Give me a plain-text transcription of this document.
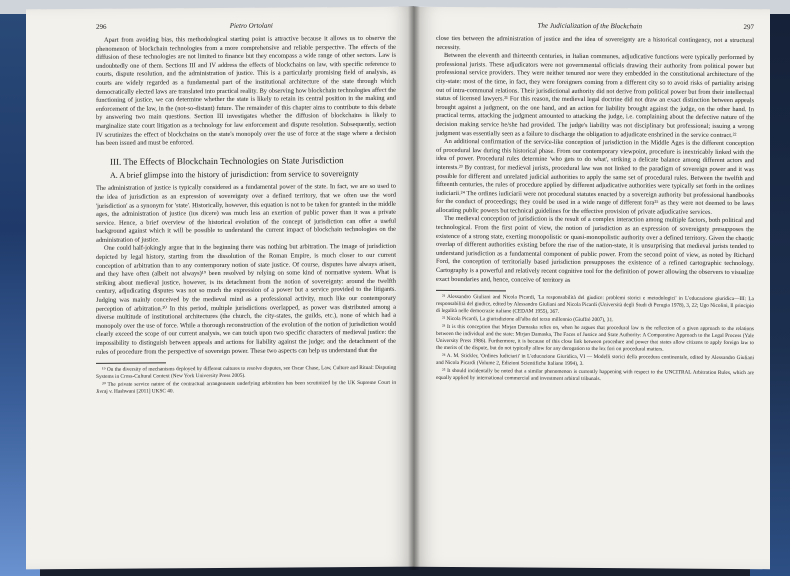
296	Pietro Ortolani

Apart from avoiding bias, this methodological starting point is attractive because it allows us to observe the phenomenon of blockchain technologies from a more comprehensive and reliable perspective. The effects of the diffusion of these technologies are not limited to finance but they encompass a wide range of other sectors. Law is undoubtedly one of them. Sections III and IV address the effects of blockchains on law, with specific reference to courts, dispute resolution, and the administration of justice. This is a particularly promising field of analysis, as courts are widely regarded as a fundamental part of the institutional architecture of the state through which democratically elected laws are translated into practical reality. By observing how blockchain technologies affect the functioning of justice, we can determine whether the state is likely to retain its central position in the making and enforcement of the law, in the (not-so-distant) future. The remainder of this chapter aims to contribute to this debate by answering two main questions. Section III investigates whether the diffusion of blockchains is likely to marginalize state court litigation as a technology for law enforcement and dispute resolution. Subsequently, section IV scrutinizes the effect of blockchains on the state's monopoly over the use of force at the stage where a decision has been issued and must be enforced.

III. The Effects of Blockchain Technologies on State Jurisdiction
A. A brief glimpse into the history of jurisdiction: from service to sovereignty

The administration of justice is typically considered as a fundamental power of the state. In fact, we are so used to the idea of jurisdiction as an expression of sovereignty over a defined territory, that we often use the word 'jurisdiction' as a synonym for 'state'. Historically, however, this equation is not to be taken for granted: in the middle ages, the administration of justice (ius dicere) was much less an exertion of public power than it was a private service. Hence, a brief overview of the historical evolution of the concept of jurisdiction can offer a useful background against which it will be possible to understand the current impact of blockchain technologies on the administration of justice.

One could half-jokingly argue that in the beginning there was nothing but arbitration. The image of jurisdiction depicted by legal history, starting from the dissolution of the Roman Empire, is much closer to our current conception of arbitration than to any contemporary notion of state justice. Of course, disputes have always arisen, and they have often (albeit not always)¹⁹ been resolved by relying on some kind of normative system. What is striking about medieval justice, however, is its detachment from the notion of sovereignty: around the twelfth century, adjudicating disputes was not so much the expression of a power but a service provided to the litigants. Judging was mainly conceived by the medieval mind as a professional activity, much like our contemporary perception of arbitration.²⁰ In this period, multiple jurisdictions overlapped, as power was distributed among a diverse multitude of institutional architectures (the church, the city-states, the guilds, etc.), none of which had a monopoly over the use of force. While a thorough reconstruction of the evolution of the notion of jurisdiction would clearly exceed the scope of our current analysis, we can touch upon two specific characters of medieval justice: the impossibility to distinguish between appeals and actions for liability against the judge; and the detachment of the rules of procedure from the perspective of sovereign power. These two aspects can help us understand that the

¹⁹ On the diversity of mechanisms deployed by different cultures to resolve disputes, see Oscar Chase, Law, Culture and Ritual: Disputing Systems in Cross-Cultural Context (New York University Press 2005).

²⁰ The private service nature of the contractual arrangements underlying arbitration has been scrutinized by the UK Supreme Court in Jivraj v. Hashwani [2011] UKSC 40.

The Judicialization of the Blockchain	297

close ties between the administration of justice and the idea of sovereignty are a historical contingency, not a structural necessity.

Between the eleventh and thirteenth centuries, in Italian communes, adjudicative functions were typically performed by professional jurists. These adjudicators were not governmental officials drawing their authority from political power but professional service providers. They were neither tenured nor were they embedded in the constitutional architecture of the city-state: most of the time, in fact, they were foreigners coming from a different city so to avoid risks of partiality arising out of intra-communal relations. Their jurisdictional authority did not derive from political power but from their intellectual status of licensed lawyers.²¹ For this reason, the medieval legal doctrine did not draw an exact distinction between appeals brought against a judgment, on the one hand, and an action for liability brought against the judge, on the other hand. In practical terms, attacking the judgment amounted to attacking the judge, i.e. complaining about the defective nature of the decision making service he/she had provided. The judge's liability was not disciplinary but professional; issuing a wrong judgment was essentially seen as a failure to discharge the obligation to adjudicate enshrined in the service contract.²²

An additional confirmation of the service-like conception of jurisdiction in the Middle Ages is the different conception of procedural law during this historical phase. From our contemporary viewpoint, procedure is inextricably linked with the idea of power. Procedural rules determine 'who gets to do what', striking a delicate balance among different actors and interests.²³ By contrast, for medieval jurists, procedural law was not linked to the paradigm of sovereign power and it was possible for different and unrelated judicial authorities to apply the same set of procedural rules. Between the twelfth and fifteenth centuries, the rules of procedure applied by different adjudicative authorities were typically set forth in the ordines iudiciarii.²⁴ The ordines iudiciarii were not procedural statutes enacted by a sovereign authority but professional handbooks for the conduct of proceedings; they could be used in a wide range of different fora²⁵ as they were not deemed to be laws allocating public powers but technical guidelines for the effective provision of private adjudicative services.

The medieval conception of jurisdiction is the result of a complex interaction among multiple factors, both political and technological. From the first point of view, the notion of jurisdiction as an expression of sovereignty presupposes the existence of a strong state, exerting monopolistic or quasi-monopolistic authority over a defined territory. Given the chaotic overlap of different authorities existing before the rise of the nation-state, it is unsurprising that medieval jurists tended to understand jurisdiction as a fundamental component of public power. From the second point of view, as noted by Richard Ford, the conception of territorially based jurisdiction presupposes the existence of a refined cartographic technology. Cartography is a powerful and relatively recent cognitive tool for the definition of power allowing the observers to visualize exact boundaries and, hence, conceive of territory as

²¹ Alessandro Giuliani and Nicola Picardi, 'La responsabilità del giudice: problemi storici e metodologici' in L'educazione giuridica—III: La responsabilità del giudice, edited by Alessandro Giuliani and Nicola Picardi (Università degli Studi di Perugia 1978), 3, 22; Ugo Nicolini, Il principio di legalità nelle democrazie italiane (CEDAM 1955), 367.

²² Nicola Picardi, La giurisdizione all'alba del terzo millennio (Giuffrè 2007), 31.

²³ It is this conception that Mirjan Damaska relies on, when he argues that procedural law is the reflection of a given approach to the relations between the individual and the state: Mirjan Damaska, The Faces of Justice and State Authority: A Comparative Approach to the Legal Process (Yale University Press 1986). Furthermore, it is because of this close link between procedure and power that states allow citizens to apply foreign law to the merits of the dispute, but do not typically allow for any derogation to the lex fori on procedural matters.

²⁴ A. M. Stickler, 'Ordines Iudiciarii' in L'educazione Giuridica, VI — Modelli storici della procedura continentale, edited by Alessandro Giuliani and Nicola Picardi (Volume 2, Edizioni Scientifiche Italiane 1994), 3.

²⁵ It should incidentally be noted that a similar phenomenon is currently happening with respect to the UNCITRAL Arbitration Rules, which are equally applied by international commercial and investment arbitral tribunals.
